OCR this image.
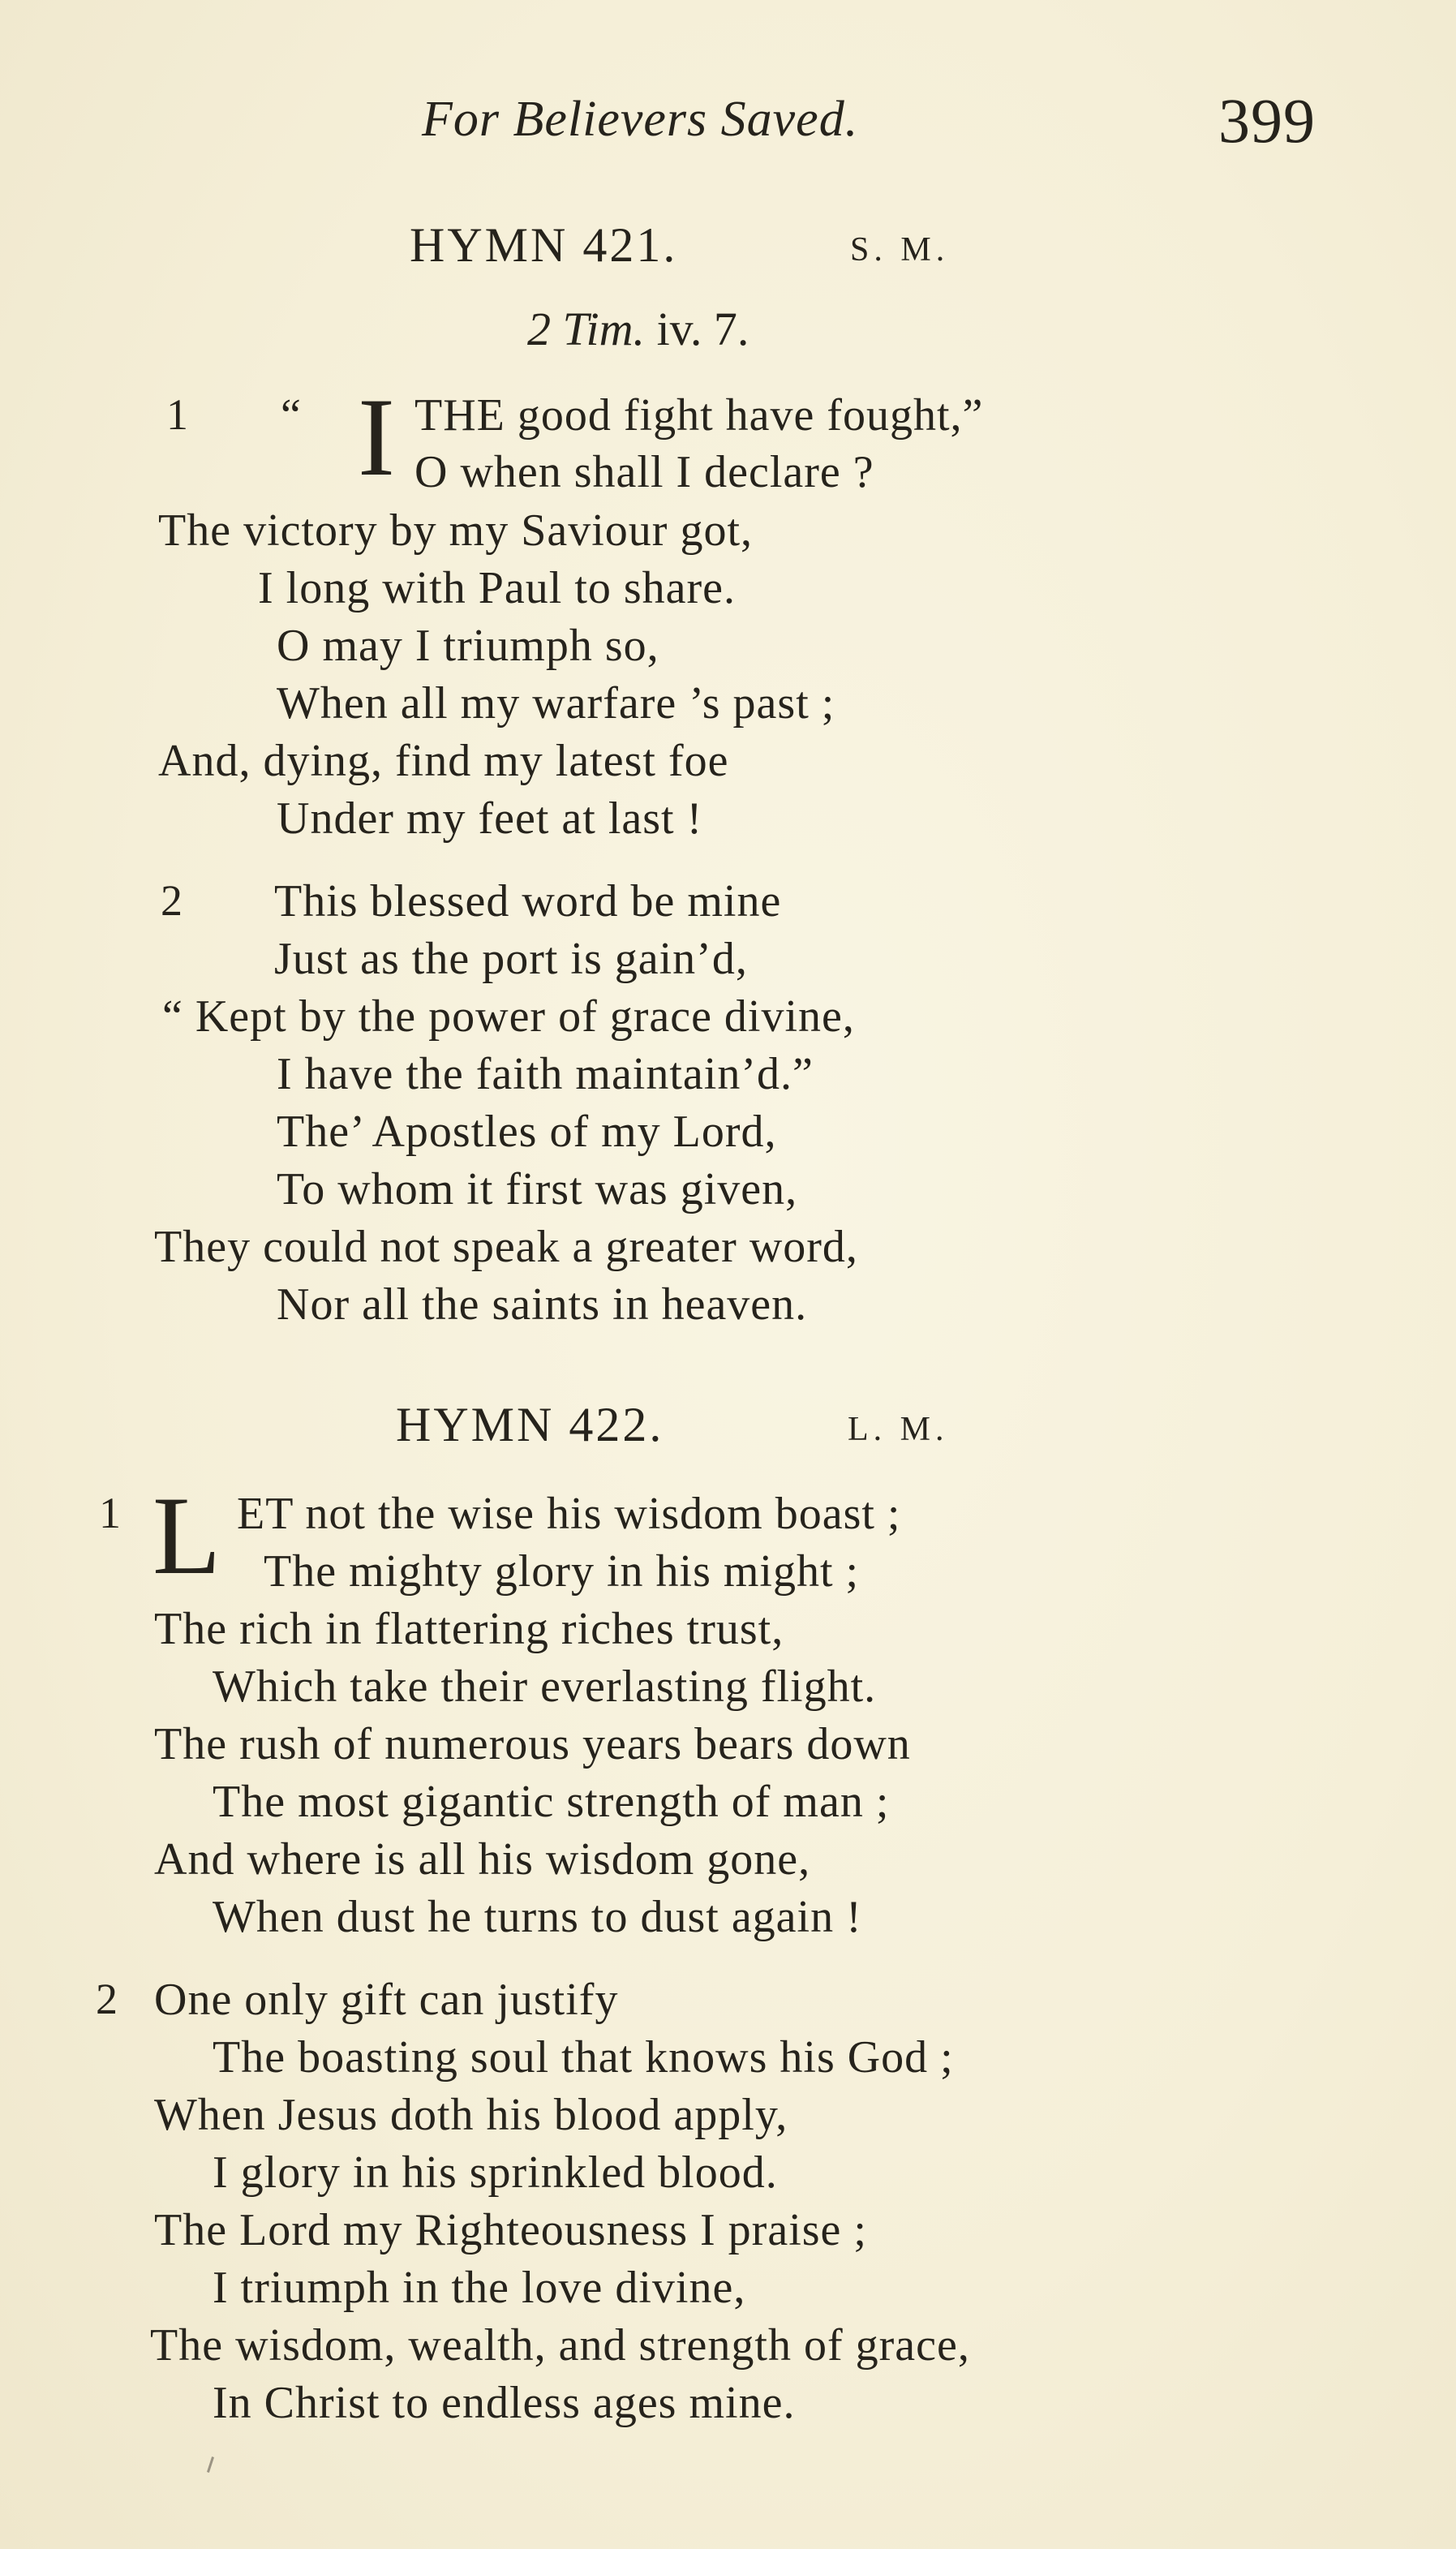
For Believers Saved.	399
HYMN 421.	S. M.
2 Tim. iv. 7.
1 “ I THE good fight have fought,”
O when shall I declare ?
The victory by my Saviour got,
I long with Paul to share.
O may I triumph so,
When all my warfare ’s past ;
And, dying, find my latest foe
Under my feet at last !
2 This blessed word be mine
Just as the port is gain’d,
“ Kept by the power of grace divine,
I have the faith maintain’d.”
The’ Apostles of my Lord,
To whom it first was given,
They could not speak a greater word,
Nor all the saints in heaven.
HYMN 422.	L. M.
1 L ET not the wise his wisdom boast ;
The mighty glory in his might ;
The rich in flattering riches trust,
Which take their everlasting flight.
The rush of numerous years bears down
The most gigantic strength of man ;
And where is all his wisdom gone,
When dust he turns to dust again !
2 One only gift can justify
The boasting soul that knows his God ;
When Jesus doth his blood apply,
I glory in his sprinkled blood.
The Lord my Righteousness I praise ;
I triumph in the love divine,
The wisdom, wealth, and strength of grace,
In Christ to endless ages mine.
